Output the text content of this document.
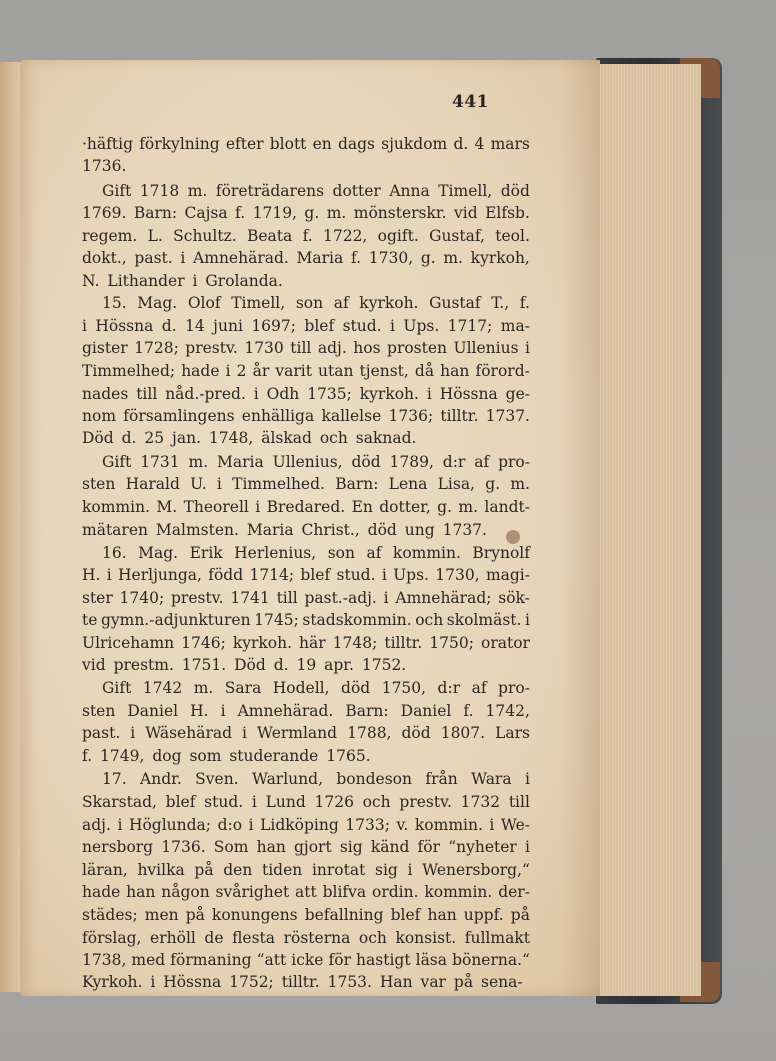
441
·häftig förkylning efter blott en dags sjukdom d. 4 mars
1736.
Gift 1718 m. företrädarens dotter Anna Timell, död
1769. Barn: Cajsa f. 1719, g. m. mönsterskr. vid Elfsb.
regem. L. Schultz. Beata f. 1722, ogift. Gustaf, teol.
dokt., past. i Amnehärad. Maria f. 1730, g. m. kyrkoh,
N. Lithander i Grolanda.
15. Mag. Olof Timell, son af kyrkoh. Gustaf T., f.
i Hössna d. 14 juni 1697; blef stud. i Ups. 1717; ma-
gister 1728; prestv. 1730 till adj. hos prosten Ullenius i
Timmelhed; hade i 2 år varit utan tjenst, då han förord-
nades till nåd.-pred. i Odh 1735; kyrkoh. i Hössna ge-
nom församlingens enhälliga kallelse 1736; tilltr. 1737.
Död d. 25 jan. 1748, älskad och saknad.
Gift 1731 m. Maria Ullenius, död 1789, d:r af pro-
sten Harald U. i Timmelhed. Barn: Lena Lisa, g. m.
kommin. M. Theorell i Bredared. En dotter, g. m. landt-
mätaren Malmsten. Maria Christ., död ung 1737.
16. Mag. Erik Herlenius, son af kommin. Brynolf
H. i Herljunga, född 1714; blef stud. i Ups. 1730, magi-
ster 1740; prestv. 1741 till past.-adj. i Amnehärad; sök-
te gymn.-adjunkturen 1745; stadskommin. och skolmäst. i
Ulricehamn 1746; kyrkoh. här 1748; tilltr. 1750; orator
vid prestm. 1751. Död d. 19 apr. 1752.
Gift 1742 m. Sara Hodell, död 1750, d:r af pro-
sten Daniel H. i Amnehärad. Barn: Daniel f. 1742,
past. i Wäsehärad i Wermland 1788, död 1807. Lars
f. 1749, dog som studerande 1765.
17. Andr. Sven. Warlund, bondeson från Wara i
Skarstad, blef stud. i Lund 1726 och prestv. 1732 till
adj. i Höglunda; d:o i Lidköping 1733; v. kommin. i We-
nersborg 1736. Som han gjort sig känd för “nyheter i
läran, hvilka på den tiden inrotat sig i Wenersborg,“
hade han någon svårighet att blifva ordin. kommin. der-
städes; men på konungens befallning blef han uppf. på
förslag, erhöll de flesta rösterna och konsist. fullmakt
1738, med förmaning “att icke för hastigt läsa bönerna.“
Kyrkoh. i Hössna 1752; tilltr. 1753. Han var på sena-
